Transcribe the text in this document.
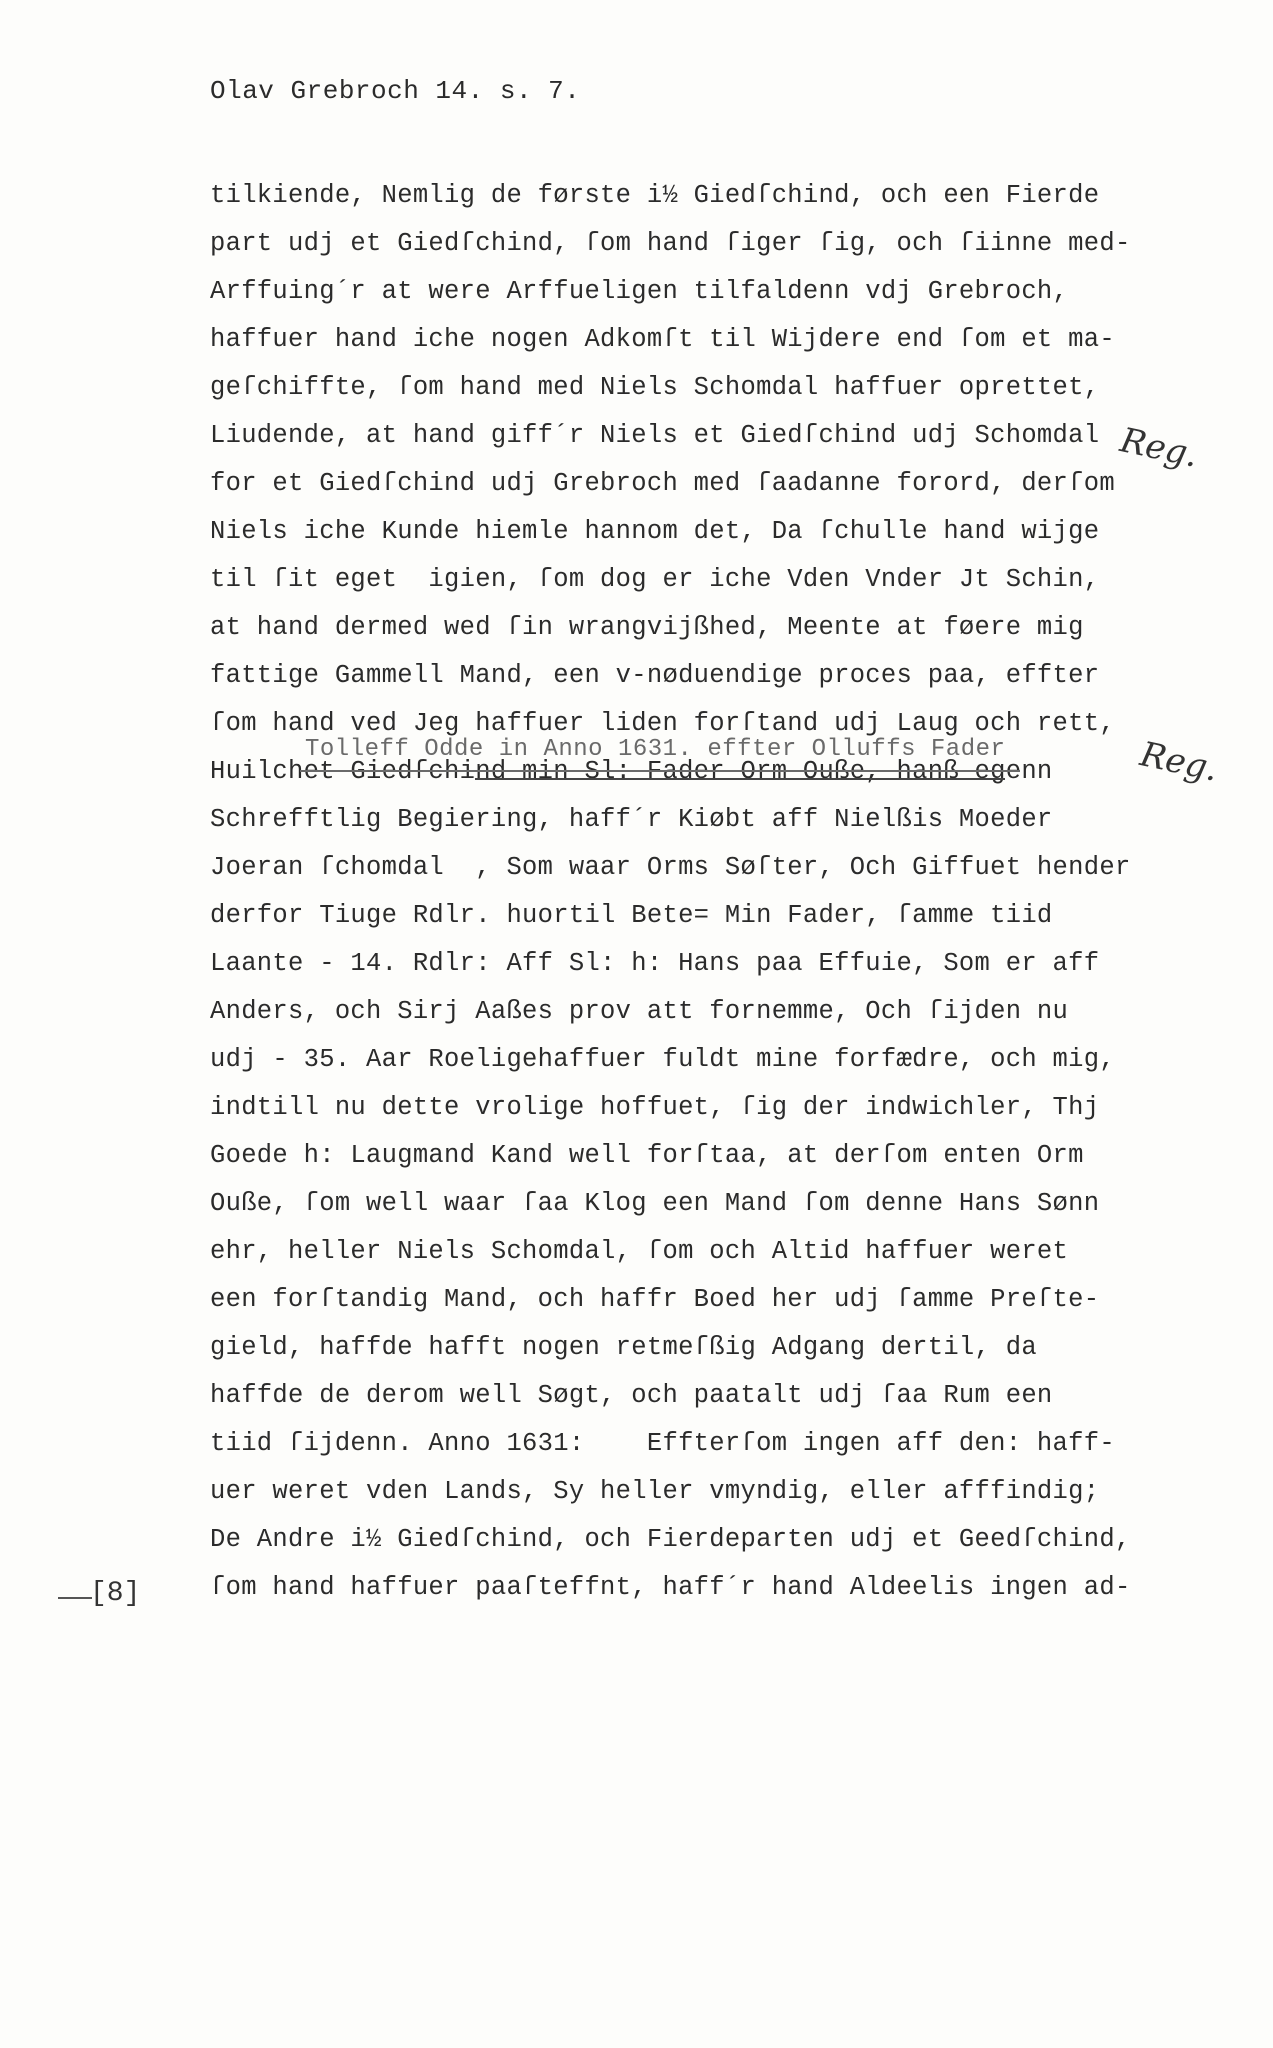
Olav Grebroch 14. s. 7.
tilkiende, Nemlig de første i½ Giedſchind, och een Fierde
part udj et Giedſchind, ſom hand ſiger ſig, och ſiinne med-
Arffuing´r at were Arffueligen tilfaldenn vdj Grebroch,
haffuer hand iche nogen Adkomſt til Wijdere end ſom et ma-
geſchiffte, ſom hand med Niels Schomdal haffuer oprettet,
Liudende, at hand giff´r Niels et Giedſchind udj Schomdal
for et Giedſchind udj Grebroch med ſaadanne forord, derſom
Niels iche Kunde hiemle hannom det, Da ſchulle hand wijge
til ſit eget  igien, ſom dog er iche Vden Vnder Jt Schin,
at hand dermed wed ſin wrangvijßhed, Meente at føere mig
fattige Gammell Mand, een v-nøduendige proces paa, effter
ſom hand ved Jeg haffuer liden forſtand udj Laug och rett,
Huilchet Giedſchind min Sl: Fader Orm Ouße, hanß egenn
Schrefftlig Begiering, haff´r Kiøbt aff Nielßis Moeder
Joeran ſchomdal  , Som waar Orms Søſter, Och Giffuet hender
derfor Tiuge Rdlr. huortil Bete= Min Fader, ſamme tiid
Laante - 14. Rdlr: Aff Sl: h: Hans paa Effuie, Som er aff
Anders, och Sirj Aaßes prov att fornemme, Och ſijden nu
udj - 35. Aar Roeligehaffuer fuldt mine forfædre, och mig,
indtill nu dette vrolige hoffuet, ſig der indwichler, Thj
Goede h: Laugmand Kand well forſtaa, at derſom enten Orm
Ouße, ſom well waar ſaa Klog een Mand ſom denne Hans Sønn
ehr, heller Niels Schomdal, ſom och Altid haffuer weret
een forſtandig Mand, och haffr Boed her udj ſamme Preſte-
gield, haffde hafft nogen retmeſßig Adgang dertil, da
haffde de derom well Søgt, och paatalt udj ſaa Rum een
tiid ſijdenn. Anno 1631:    Effterſom ingen aff den: haff-
uer weret vden Lands, Sy heller vmyndig, eller afffindig;
De Andre i½ Giedſchind, och Fierdeparten udj et Geedſchind,
ſom hand haffuer paaſteffnt, haff´r hand Aldeelis ingen ad-
Tolleff Odde in Anno 1631. effter Olluffs Fader
Reg.
Reg.
[8]
